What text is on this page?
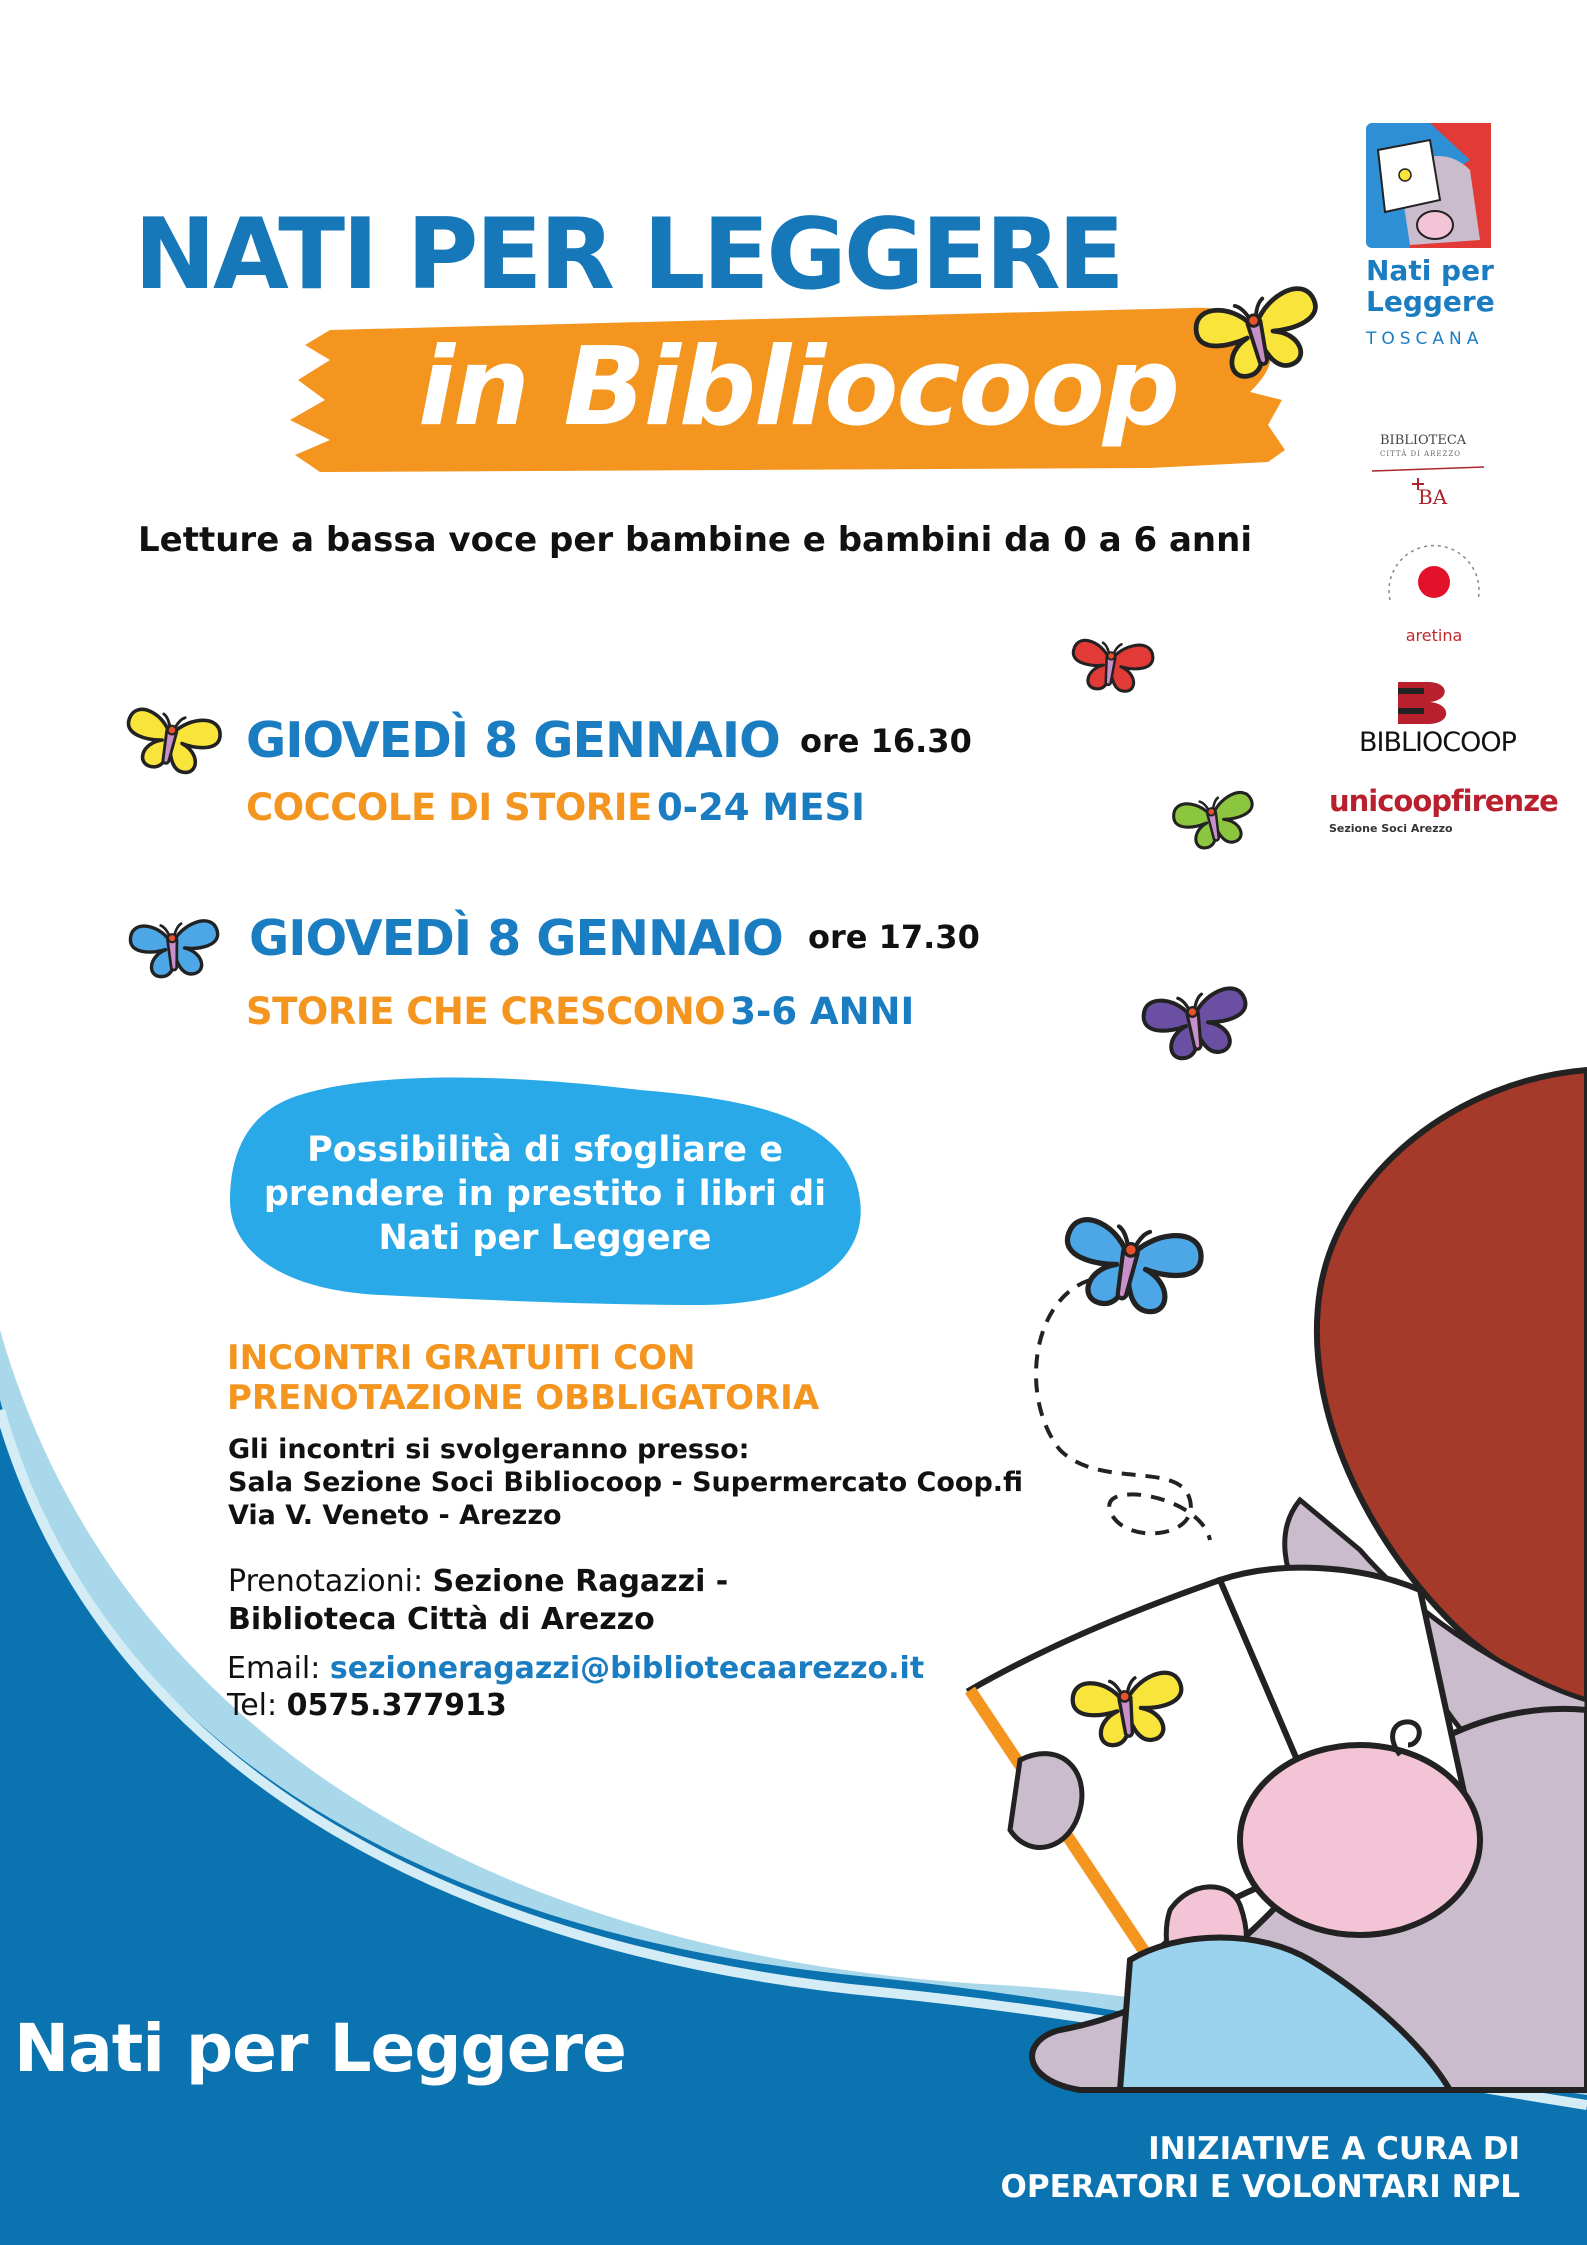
aretina
NATI PER LEGGERE
in Bibliocoop
Letture a bassa voce per bambine e bambini da 0 a 6 anni
GIOVEDÌ 8 GENNAIO ore 16.30
COCCOLE DI STORIE 0-24 MESI
GIOVEDÌ 8 GENNAIO ore 17.30
STORIE CHE CRESCONO 3-6 ANNI
Possibilità di sfogliare e
prendere in prestito i libri di
Nati per Leggere
INCONTRI GRATUITI CON
PRENOTAZIONE OBBLIGATORIA
Gli incontri si svolgeranno presso:
Sala Sezione Soci Bibliocoop - Supermercato Coop.fi
Via V. Veneto - Arezzo
Prenotazioni: Sezione Ragazzi -
Biblioteca Città di Arezzo
Email: sezioneragazzi@bibliotecaarezzo.it
Tel: 0575.377913
Nati per Leggere
INIZIATIVE A CURA DI
OPERATORI E VOLONTARI NPL
Nati per
Leggere
TOSCANA
BIBLIOTECA
CITTÀ DI AREZZO
BA
BIBLIOCOOP
unicoopfirenze
Sezione Soci Arezzo
